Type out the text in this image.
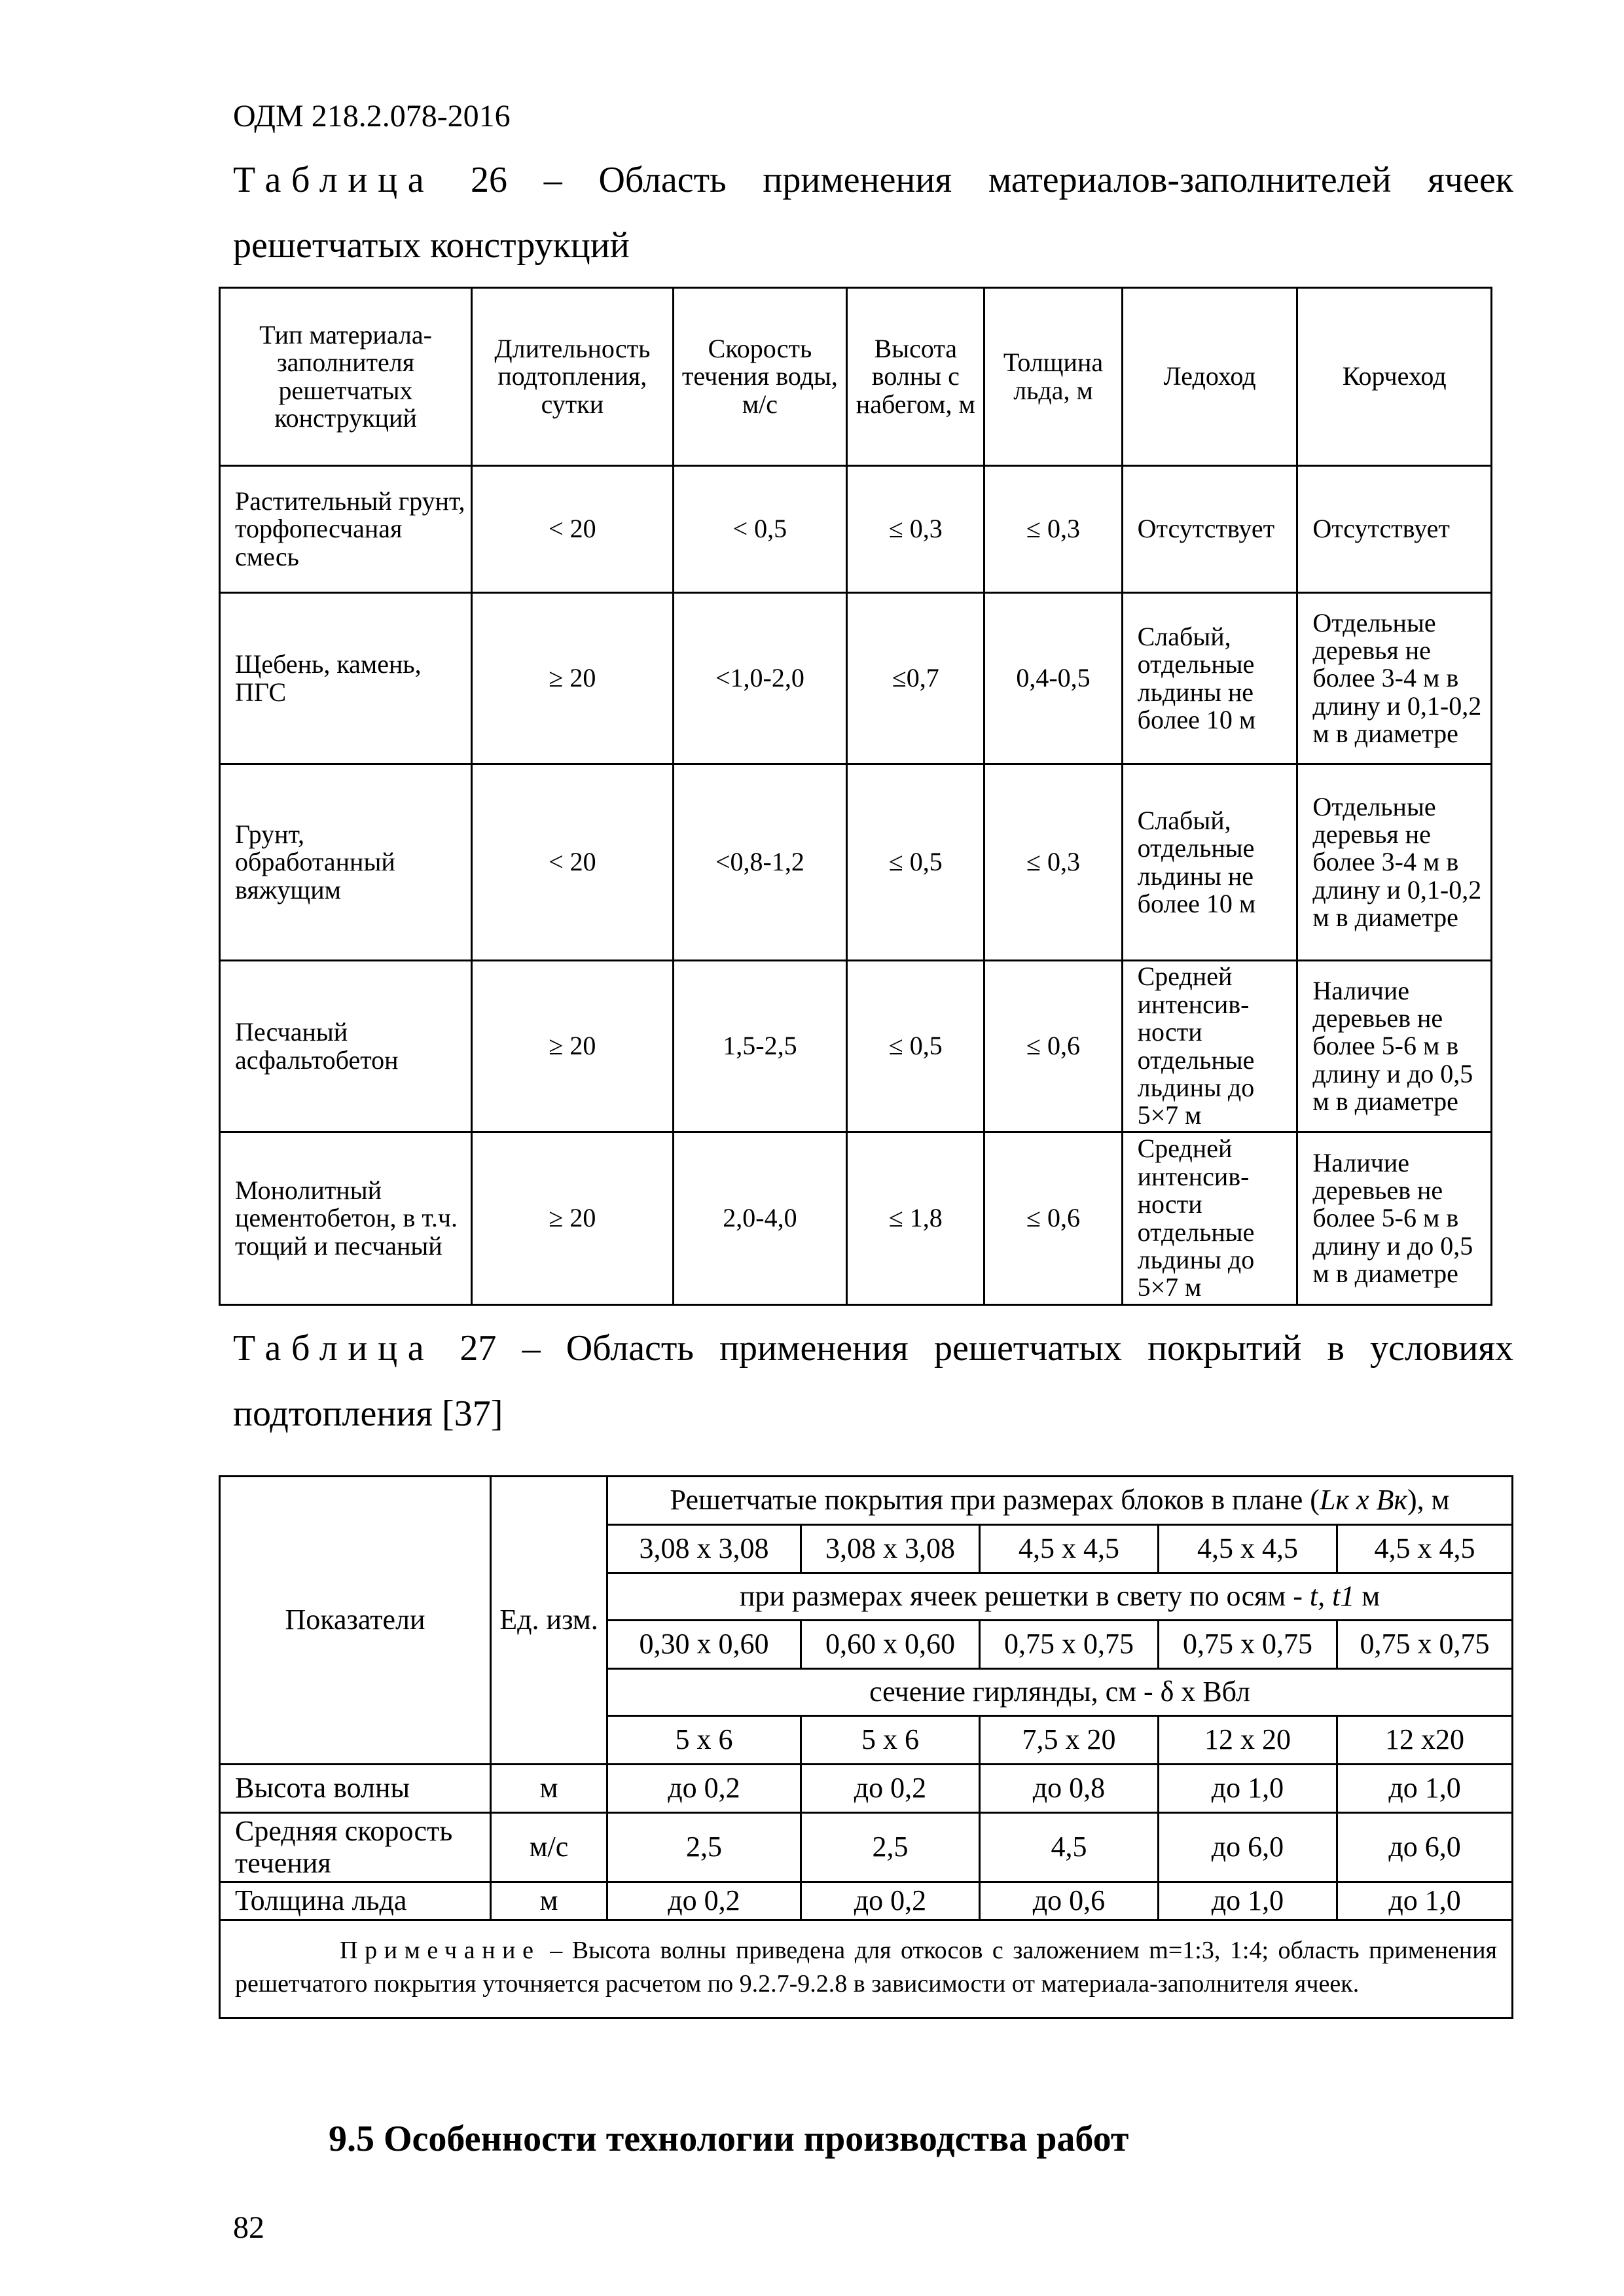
ОДМ 218.2.078-2016
Таблица 26 – Область применения материалов-заполнителей ячеек решетчатых конструкций
Тип материала-заполнителя решетчатых конструкций	Длительность подтопления, сутки	Скорость течения воды, м/с	Высота волны с набегом, м	Толщина льда, м	Ледоход	Корчеход
Растительный грунт, торфопесчаная смесь	< 20	< 0,5	≤ 0,3	≤ 0,3	Отсутствует	Отсутствует
Щебень, камень, ПГС	≥ 20	<1,0-2,0	≤0,7	0,4-0,5	Слабый, отдельные льдины не более 10 м	Отдельные деревья не более 3-4 м в длину и 0,1-0,2 м в диаметре
Грунт, обработанный вяжущим	< 20	<0,8-1,2	≤ 0,5	≤ 0,3	Слабый, отдельные льдины не более 10 м	Отдельные деревья не более 3-4 м в длину и 0,1-0,2 м в диаметре
Песчаный асфальтобетон	≥ 20	1,5-2,5	≤ 0,5	≤ 0,6	Средней интенсив-ности отдельные льдины до 5×7 м	Наличие деревьев не более 5-6 м в длину и до 0,5 м в диаметре
Монолитный цементобетон, в т.ч. тощий и песчаный	≥ 20	2,0-4,0	≤ 1,8	≤ 0,6	Средней интенсив-ности отдельные льдины до 5×7 м	Наличие деревьев не более 5-6 м в длину и до 0,5 м в диаметре
Таблица 27 – Область применения решетчатых покрытий в условиях подтопления [37]
Показатели	Ед. изм.	Решетчатые покрытия при размерах блоков в плане (Lк x Bк), м				
		3,08 x 3,08	3,08 x 3,08	4,5 x 4,5	4,5 x 4,5	4,5 x 4,5
		при размерах ячеек решетки в свету по осям - t, t1 м				
		0,30 x 0,60	0,60 x 0,60	0,75 x 0,75	0,75 x 0,75	0,75 x 0,75
		сечение гирлянды, см - δ x Вбл				
		5 x 6	5 x 6	7,5 x 20	12 x 20	12 x20
Высота волны	м	до 0,2	до 0,2	до 0,8	до 1,0	до 1,0
Средняя скорость течения	м/с	2,5	2,5	4,5	до 6,0	до 6,0
Толщина льда	м	до 0,2	до 0,2	до 0,6	до 1,0	до 1,0
Примечание – Высота волны приведена для откосов с заложением m=1:3, 1:4; область применения решетчатого покрытия уточняется расчетом по 9.2.7-9.2.8 в зависимости от материала-заполнителя ячеек.						
9.5 Особенности технологии производства работ
82
